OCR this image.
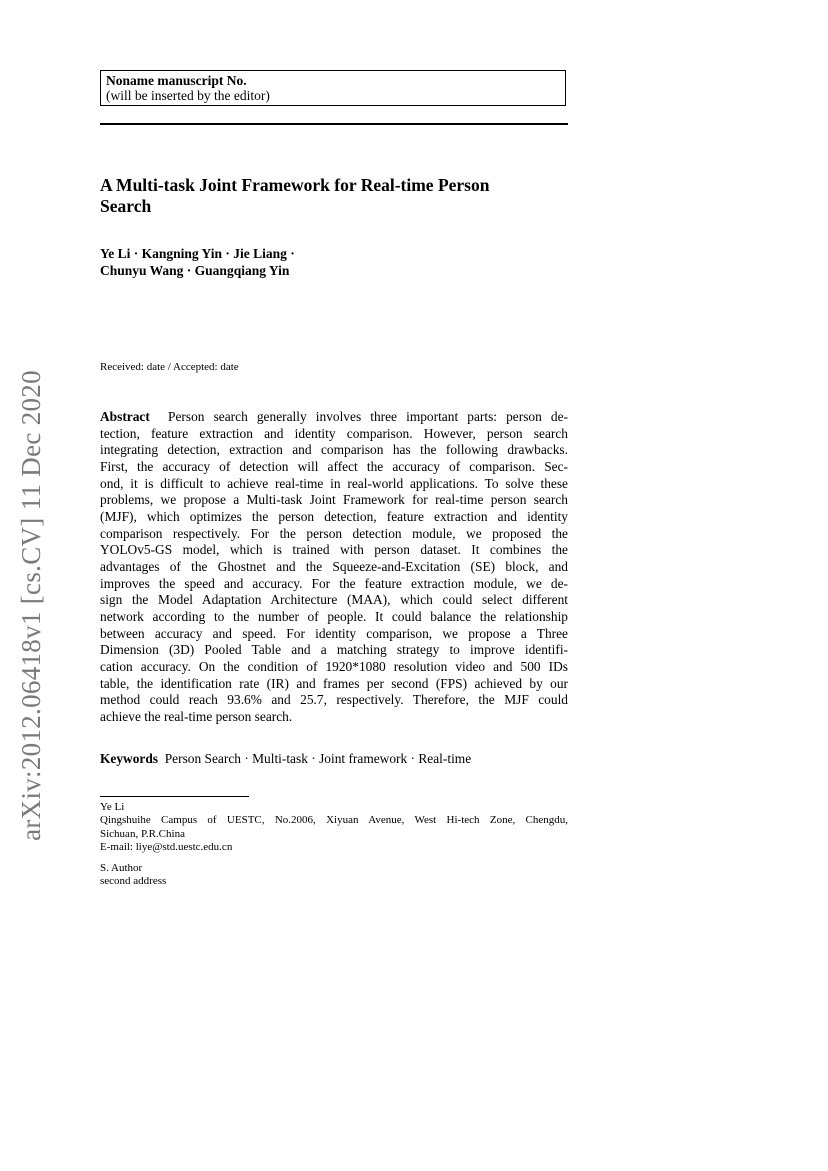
arXiv:2012.06418v1 [cs.CV] 11 Dec 2020
Noname manuscript No.
(will be inserted by the editor)
A Multi-task Joint Framework for Real-time Person
Search
Ye Li · Kangning Yin · Jie Liang ·
Chunyu Wang · Guangqiang Yin
Received: date / Accepted: date
Abstract Person search generally involves three important parts: person de-
tection, feature extraction and identity comparison. However, person search
integrating detection, extraction and comparison has the following drawbacks.
First, the accuracy of detection will affect the accuracy of comparison. Sec-
ond, it is difficult to achieve real-time in real-world applications. To solve these
problems, we propose a Multi-task Joint Framework for real-time person search
(MJF), which optimizes the person detection, feature extraction and identity
comparison respectively. For the person detection module, we proposed the
YOLOv5-GS model, which is trained with person dataset. It combines the
advantages of the Ghostnet and the Squeeze-and-Excitation (SE) block, and
improves the speed and accuracy. For the feature extraction module, we de-
sign the Model Adaptation Architecture (MAA), which could select different
network according to the number of people. It could balance the relationship
between accuracy and speed. For identity comparison, we propose a Three
Dimension (3D) Pooled Table and a matching strategy to improve identifi-
cation accuracy. On the condition of 1920*1080 resolution video and 500 IDs
table, the identification rate (IR) and frames per second (FPS) achieved by our
method could reach 93.6% and 25.7, respectively. Therefore, the MJF could
achieve the real-time person search.
Keywords Person Search · Multi-task · Joint framework · Real-time
Ye Li
Qingshuihe Campus of UESTC, No.2006, Xiyuan Avenue, West Hi-tech Zone, Chengdu,
Sichuan, P.R.China
E-mail: liye@std.uestc.edu.cn
S. Author
second address
